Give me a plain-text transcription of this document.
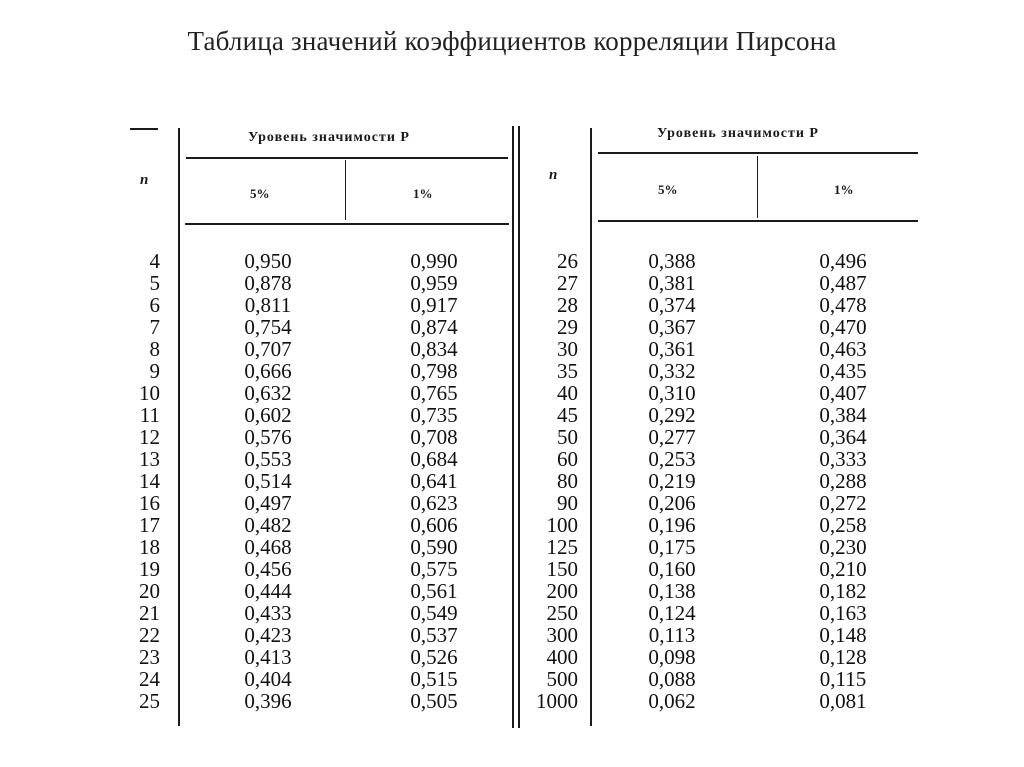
Таблица значений коэффициентов корреляции Пирсона
Уровень значимости P
n
5%	1%
Уровень значимости P
n
5%	1%
4
5
6
7
8
9
10
11
12
13
14
16
17
18
19
20
21
22
23
24
25
0,950
0,878
0,811
0,754
0,707
0,666
0,632
0,602
0,576
0,553
0,514
0,497
0,482
0,468
0,456
0,444
0,433
0,423
0,413
0,404
0,396
0,990
0,959
0,917
0,874
0,834
0,798
0,765
0,735
0,708
0,684
0,641
0,623
0,606
0,590
0,575
0,561
0,549
0,537
0,526
0,515
0,505
26
27
28
29
30
35
40
45
50
60
80
90
100
125
150
200
250
300
400
500
1000
0,388
0,381
0,374
0,367
0,361
0,332
0,310
0,292
0,277
0,253
0,219
0,206
0,196
0,175
0,160
0,138
0,124
0,113
0,098
0,088
0,062
0,496
0,487
0,478
0,470
0,463
0,435
0,407
0,384
0,364
0,333
0,288
0,272
0,258
0,230
0,210
0,182
0,163
0,148
0,128
0,115
0,081
